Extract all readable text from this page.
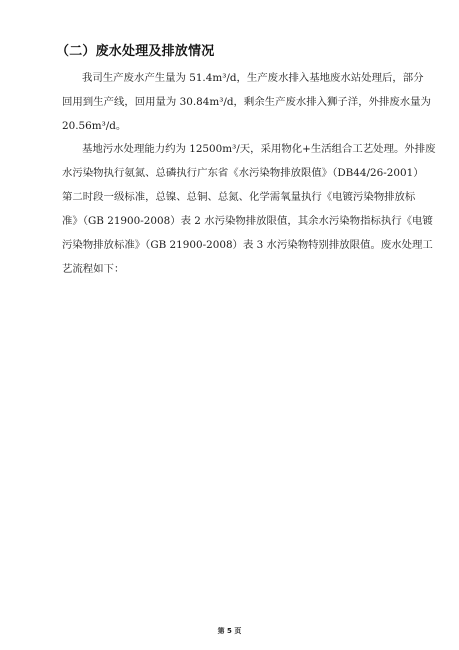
（二）废水处理及排放情况
我司生产废水产生量为 51.4m³/d，生产废水排入基地废水站处理后，部分
回用到生产线，回用量为 30.84m³/d，剩余生产废水排入狮子洋，外排废水量为
20.56m³/d。
基地污水处理能力约为 12500m³/天，采用物化+生活组合工艺处理。外排废
水污染物执行氨氮、总磷执行广东省《水污染物排放限值》（DB44/26-2001）
第二时段一级标准，总镍、总铜、总氮、化学需氧量执行《电镀污染物排放标
准》（GB 21900-2008）表 2 水污染物排放限值，其余水污染物指标执行《电镀
污染物排放标准》（GB 21900-2008）表 3 水污染物特别排放限值。废水处理工
艺流程如下：
第 5 页
